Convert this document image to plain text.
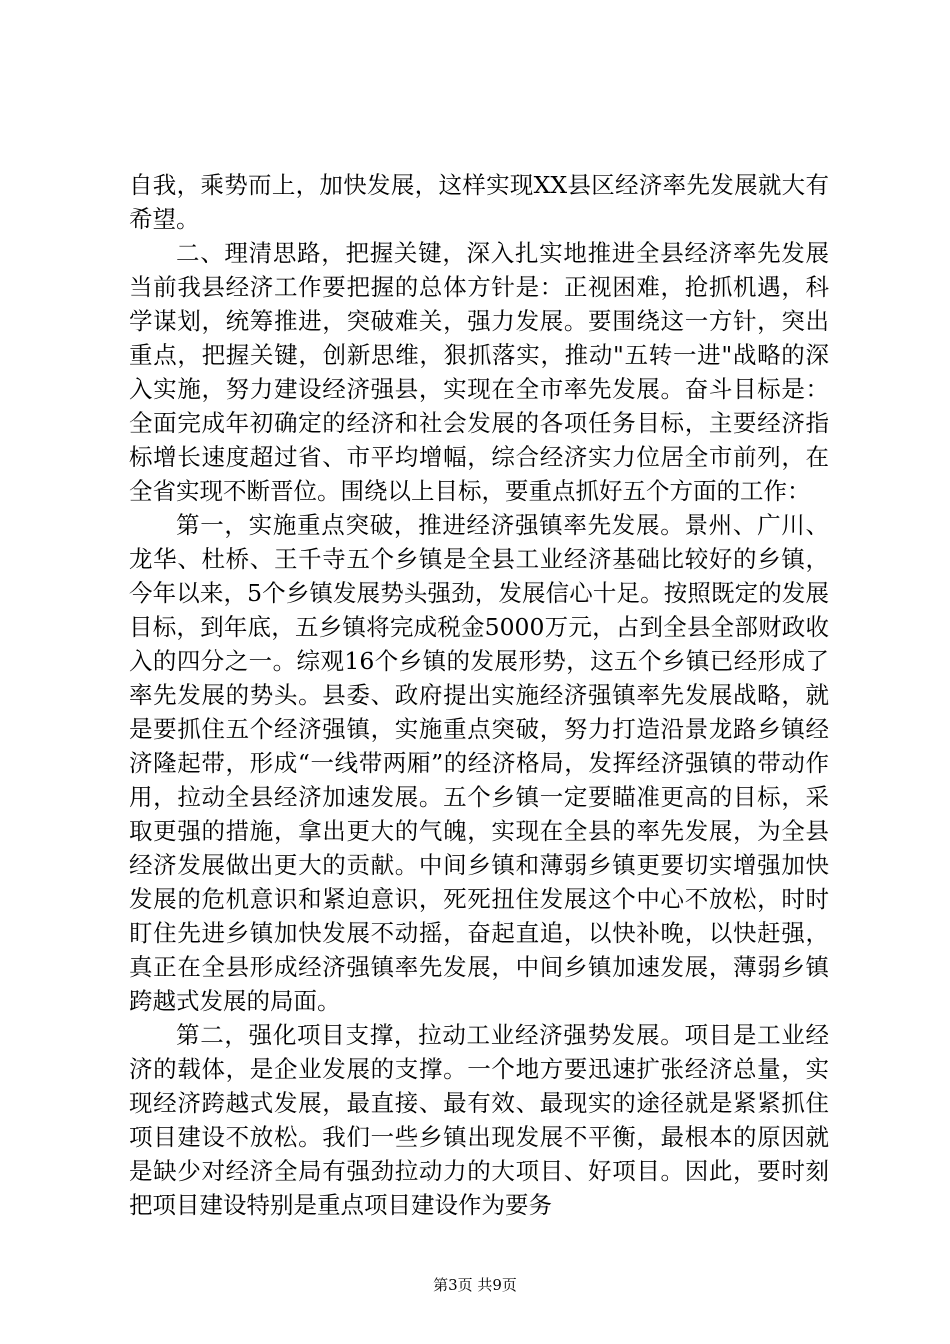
自我，乘势而上，加快发展，这样实现XX县区经济率先发展就大有希望。

二、理清思路，把握关键，深入扎实地推进全县经济率先发展当前我县经济工作要把握的总体方针是：正视困难，抢抓机遇，科学谋划，统筹推进，突破难关，强力发展。要围绕这一方针，突出重点，把握关键，创新思维，狠抓落实，推动"五转一进"战略的深入实施，努力建设经济强县，实现在全市率先发展。奋斗目标是：全面完成年初确定的经济和社会发展的各项任务目标，主要经济指标增长速度超过省、市平均增幅，综合经济实力位居全市前列，在全省实现不断晋位。围绕以上目标，要重点抓好五个方面的工作：

第一，实施重点突破，推进经济强镇率先发展。景州、广川、龙华、杜桥、王千寺五个乡镇是全县工业经济基础比较好的乡镇，今年以来，5个乡镇发展势头强劲，发展信心十足。按照既定的发展目标，到年底，五乡镇将完成税金5000万元，占到全县全部财政收入的四分之一。综观16个乡镇的发展形势，这五个乡镇已经形成了率先发展的势头。县委、政府提出实施经济强镇率先发展战略，就是要抓住五个经济强镇，实施重点突破，努力打造沿景龙路乡镇经济隆起带，形成“一线带两厢”的经济格局，发挥经济强镇的带动作用，拉动全县经济加速发展。五个乡镇一定要瞄准更高的目标，采取更强的措施，拿出更大的气魄，实现在全县的率先发展，为全县经济发展做出更大的贡献。中间乡镇和薄弱乡镇更要切实增强加快发展的危机意识和紧迫意识，死死扭住发展这个中心不放松，时时盯住先进乡镇加快发展不动摇，奋起直追，以快补晚，以快赶强，真正在全县形成经济强镇率先发展，中间乡镇加速发展，薄弱乡镇跨越式发展的局面。

第二，强化项目支撑，拉动工业经济强势发展。项目是工业经济的载体，是企业发展的支撑。一个地方要迅速扩张经济总量，实现经济跨越式发展，最直接、最有效、最现实的途径就是紧紧抓住项目建设不放松。我们一些乡镇出现发展不平衡，最根本的原因就是缺少对经济全局有强劲拉动力的大项目、好项目。因此，要时刻把项目建设特别是重点项目建设作为要务

第3页 共9页
